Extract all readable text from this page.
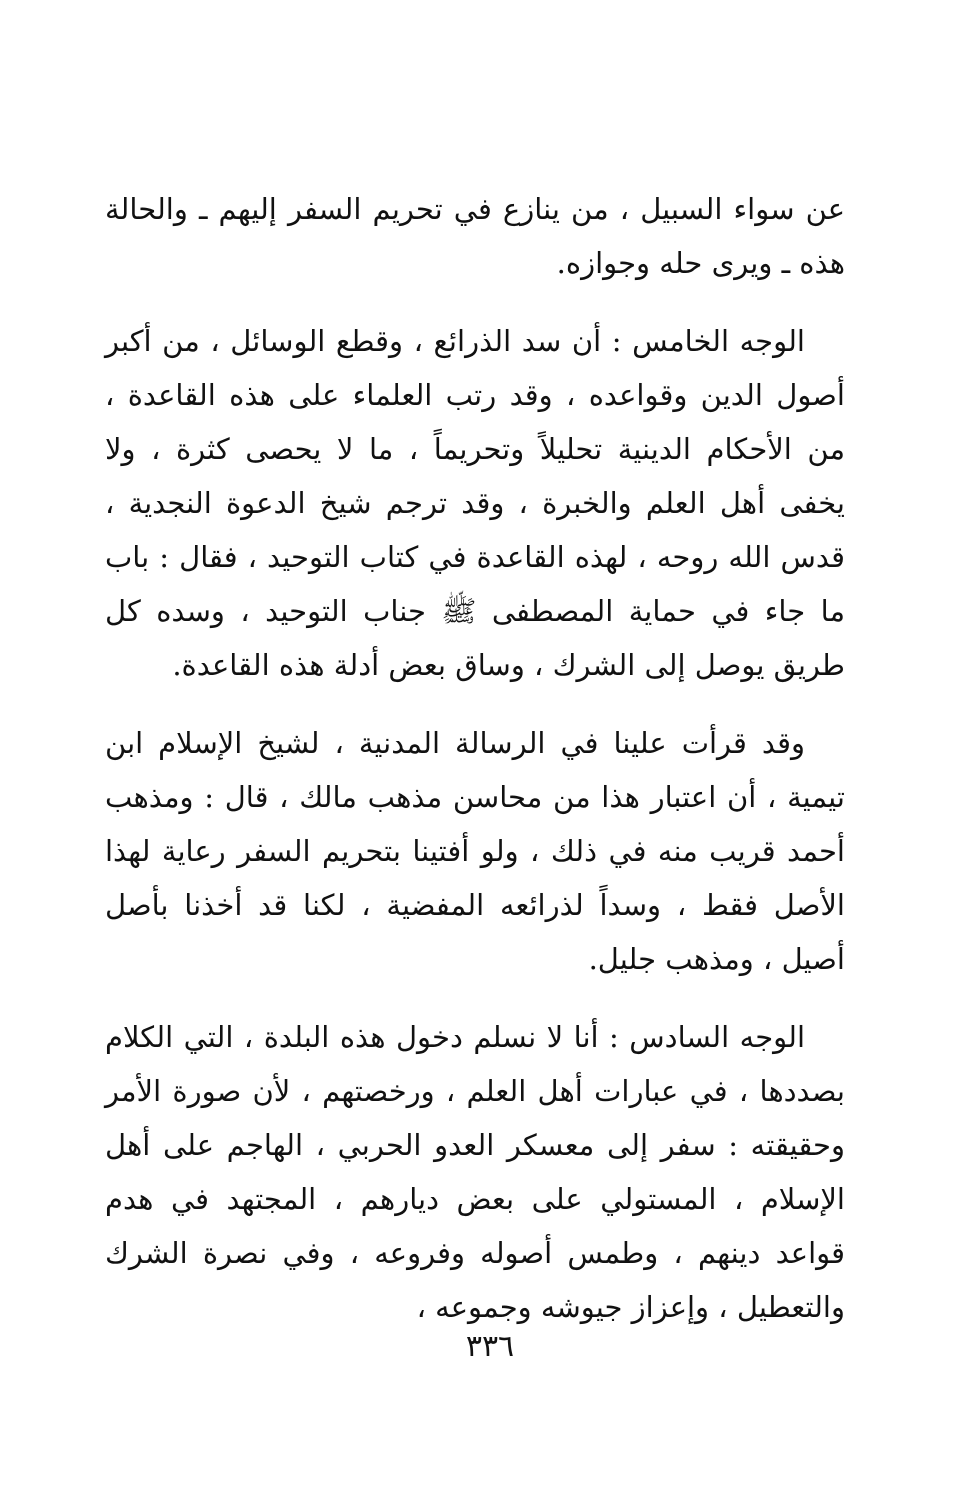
عن سواء السبيل ، من ينازع في تحريم السفر إليهم ـ والحالة هذه ـ ويرى حله وجوازه.

الوجه الخامس : أن سد الذرائع ، وقطع الوسائل ، من أكبر أصول الدين وقواعده ، وقد رتب العلماء على هذه القاعدة ، من الأحكام الدينية تحليلاً وتحريماً ، ما لا يحصى كثرة ، ولا يخفى أهل العلم والخبرة ، وقد ترجم شيخ الدعوة النجدية ، قدس الله روحه ، لهذه القاعدة في كتاب التوحيد ، فقال : باب ما جاء في حماية المصطفى ﷺ جناب التوحيد ، وسده كل طريق يوصل إلى الشرك ، وساق بعض أدلة هذه القاعدة.

وقد قرأت علينا في الرسالة المدنية ، لشيخ الإسلام ابن تيمية ، أن اعتبار هذا من محاسن مذهب مالك ، قال : ومذهب أحمد قريب منه في ذلك ، ولو أفتينا بتحريم السفر رعاية لهذا الأصل فقط ، وسداً لذرائعه المفضية ، لكنا قد أخذنا بأصل أصيل ، ومذهب جليل.

الوجه السادس : أنا لا نسلم دخول هذه البلدة ، التي الكلام بصددها ، في عبارات أهل العلم ، ورخصتهم ، لأن صورة الأمر وحقيقته : سفر إلى معسكر العدو الحربي ، الهاجم على أهل الإسلام ، المستولي على بعض ديارهم ، المجتهد في هدم قواعد دينهم ، وطمس أصوله وفروعه ، وفي نصرة الشرك والتعطيل ، وإعزاز جيوشه وجموعه ،

٣٣٦
